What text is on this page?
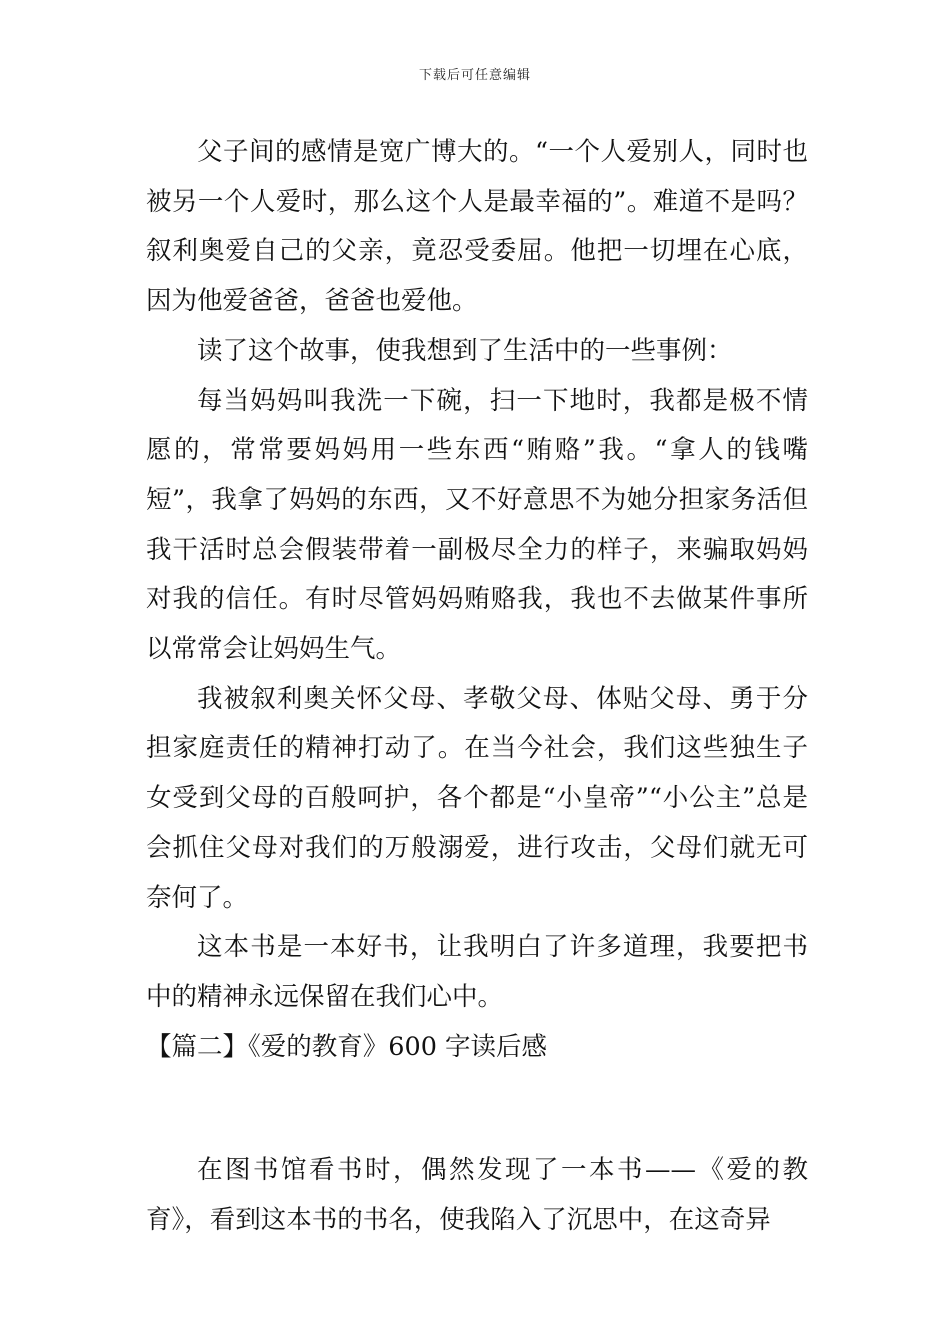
下载后可任意编辑

父子间的感情是宽广博大的。“一个人爱别人，同时也被另一个人爱时，那么这个人是最幸福的”。难道不是吗？叙利奥爱自己的父亲，竟忍受委屈。他把一切埋在心底，因为他爱爸爸，爸爸也爱他。

读了这个故事，使我想到了生活中的一些事例：

每当妈妈叫我洗一下碗，扫一下地时，我都是极不情愿的，常常要妈妈用一些东西“贿赂”我。“拿人的钱嘴短”，我拿了妈妈的东西，又不好意思不为她分担家务活但我干活时总会假装带着一副极尽全力的样子，来骗取妈妈对我的信任。有时尽管妈妈贿赂我，我也不去做某件事所以常常会让妈妈生气。

我被叙利奥关怀父母、孝敬父母、体贴父母、勇于分担家庭责任的精神打动了。在当今社会，我们这些独生子女受到父母的百般呵护，各个都是“小皇帝”“小公主”总是会抓住父母对我们的万般溺爱，进行攻击，父母们就无可奈何了。

这本书是一本好书，让我明白了许多道理，我要把书中的精神永远保留在我们心中。

【篇二】《爱的教育》600 字读后感

在图书馆看书时，偶然发现了一本书——《爱的教育》，看到这本书的书名，使我陷入了沉思中，在这奇异
